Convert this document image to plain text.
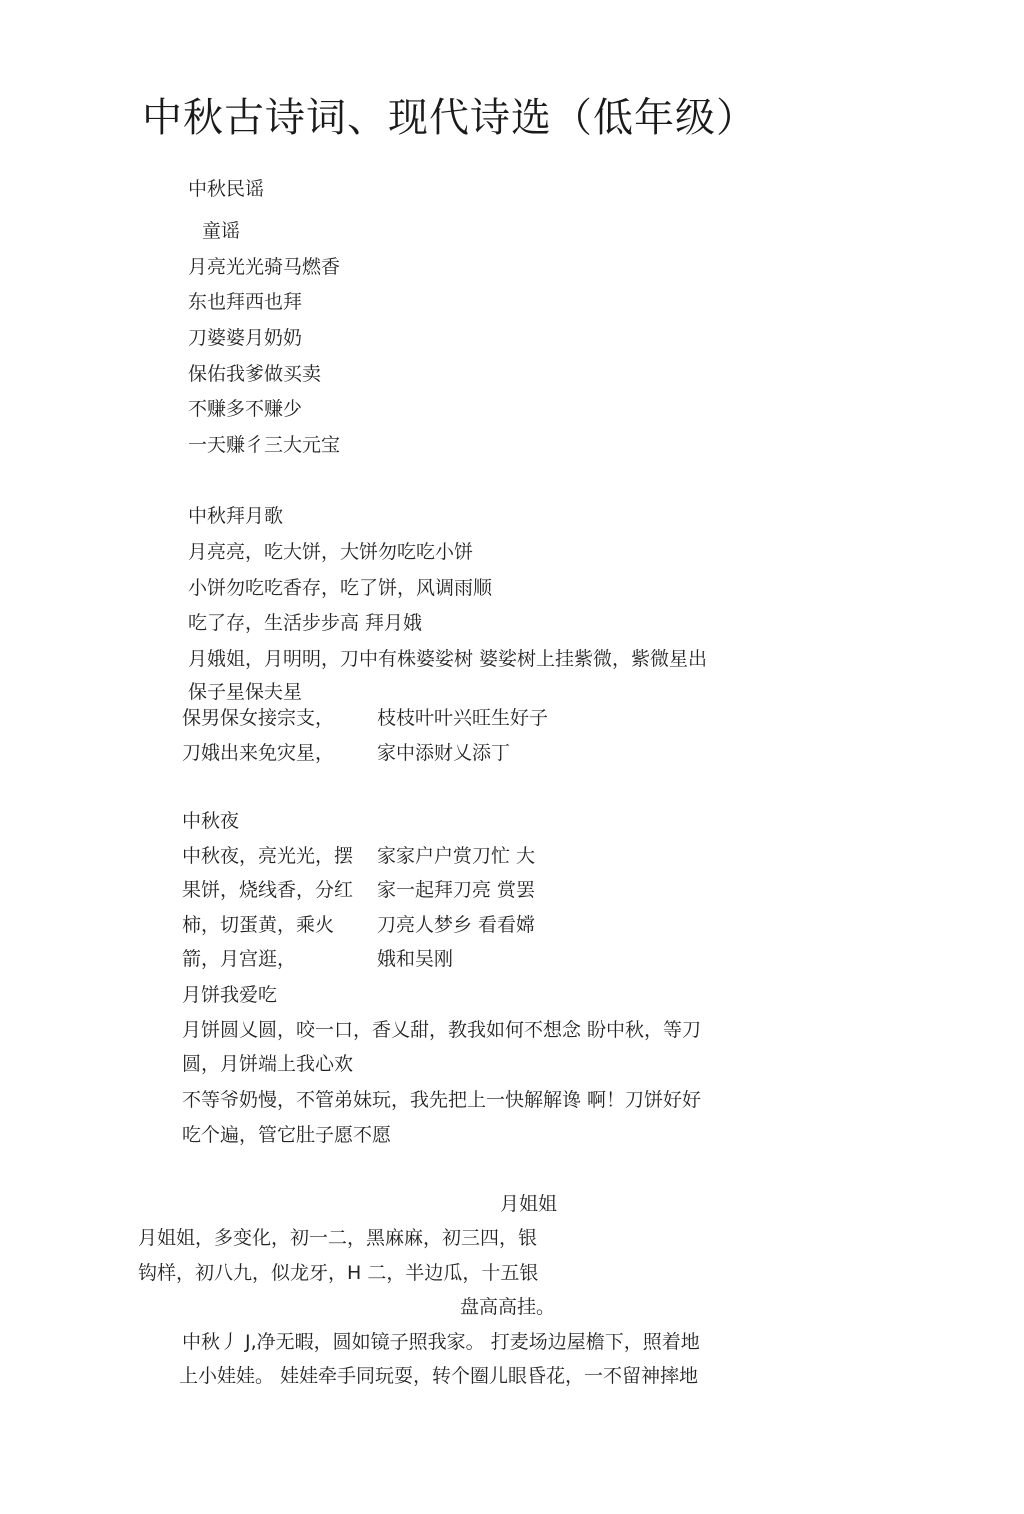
中秋古诗词、现代诗选（低年级）
中秋民谣
童谣
月亮光光骑马燃香
东也拜西也拜
刀婆婆月奶奶
保佑我爹做买卖
不赚多不赚少
一天赚彳三大元宝
中秋拜月歌
月亮亮，吃大饼，大饼勿吃吃小饼
小饼勿吃吃香存，吃了饼，风调雨顺
吃了存，生活步步高 拜月娥
月娥姐，月明明，刀中有株婆娑树 婆娑树上挂紫微，紫微星出
保子星保夫星
保男保女接宗支， 枝枝叶叶兴旺生好子
刀娥出来免灾星， 家中添财乂添丁
中秋夜
中秋夜，亮光光，摆 家家户户赏刀忙 大
果饼，烧线香，分红 家一起拜刀亮 赏罢
柿，切蛋黄，乘火 刀亮人梦乡 看看嫦
箭，月宫逛，	娥和吴刚
月饼我爱吃
月饼圆乂圆，咬一口，香乂甜，教我如何不想念 盼中秋，等刀
圆，月饼端上我心欢
不等爷奶慢，不管弟妹玩，我先把上一快解解谗 啊！刀饼好好
吃个遍，管它肚子愿不愿
月姐姐
月姐姐，多变化，初一二，黑麻麻，初三四，银
钩样，初八九，似龙牙，H 二，半边瓜，十五银
盘高高挂。
中秋丿 J,净无暇，圆如镜子照我家。 打麦场边屋檐下，照着地
上小娃娃。 娃娃牵手同玩耍，转个圈儿眼昏花，一不留神摔地
